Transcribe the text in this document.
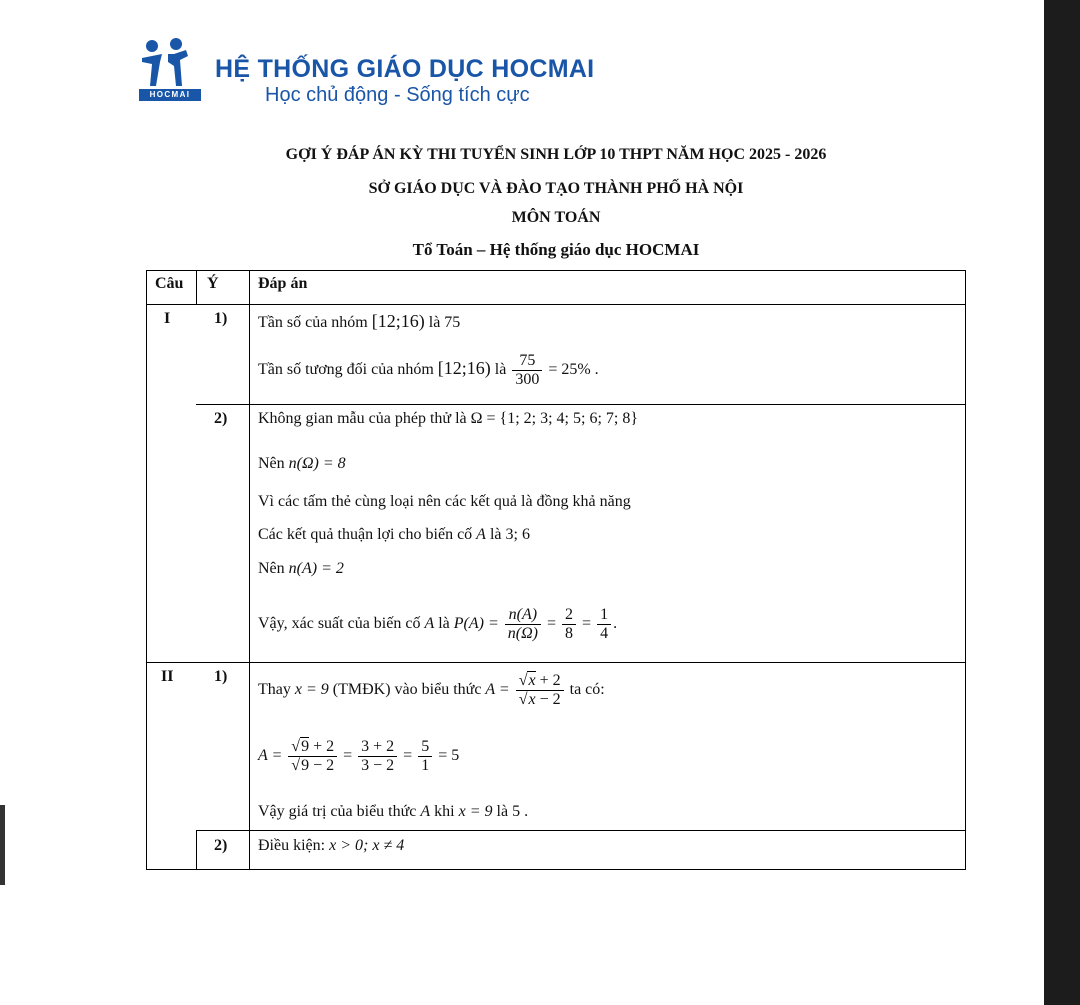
HOCMAI
HỆ THỐNG GIÁO DỤC HOCMAI
Học chủ động - Sống tích cực
GỢI Ý ĐÁP ÁN KỲ THI TUYỂN SINH LỚP 10 THPT NĂM HỌC 2025 - 2026
SỞ GIÁO DỤC VÀ ĐÀO TẠO THÀNH PHỐ HÀ NỘI
MÔN TOÁN
Tổ Toán – Hệ thống giáo dục HOCMAI
Câu Ý Đáp án
I	1) Tần số của nhóm [12;16) là 75
Tần số tương đối của nhóm [12;16) là $\frac{75}{300} = 25\%$ .
2) Không gian mẫu của phép thử là Ω = {1; 2; 3; 4; 5; 6; 7; 8}
Nên n(Ω) = 8
Vì các tấm thẻ cùng loại nên các kết quả là đồng khả năng
Các kết quả thuận lợi cho biến cố A là 3; 6
Nên n(A) = 2
Vậy, xác suất của biến cố A là $P(A) = \frac{n(A)}{n(\Omega)} = \frac{2}{8} = \frac{1}{4}$ .
II	1)
Thay x = 9 (TMĐK) vào biểu thức $A = \frac{√x + 2}{√x - 2}$ ta có:
$A = \frac{√9 + 2}{√9 - 2} = \frac{3 + 2}{3 - 2} = \frac{5}{1} = 5$
Vậy giá trị của biểu thức A khi x = 9 là 5 .
2) Điều kiện: x > 0; x ≠ 4
